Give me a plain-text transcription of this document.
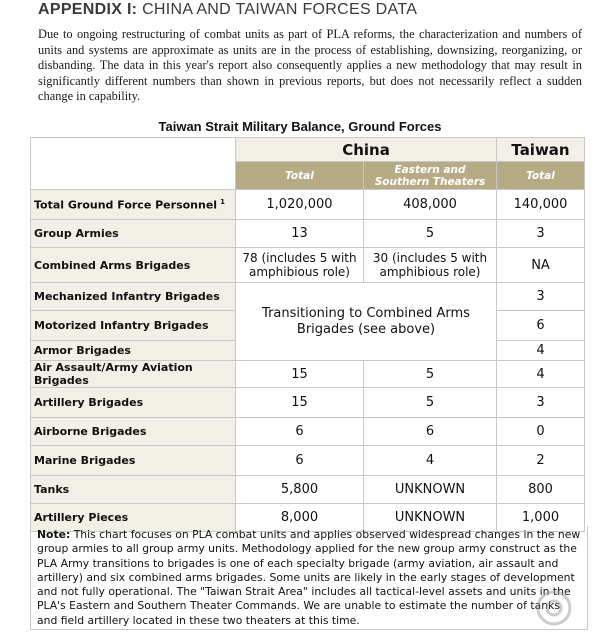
APPENDIX I: CHINA AND TAIWAN FORCES DATA

Due to ongoing restructuring of combat units as part of PLA reforms, the characterization and numbers of units and systems are approximate as units are in the process of establishing, downsizing, reorganizing, or disbanding. The data in this year's report also consequently applies a new methodology that may result in significantly different numbers than shown in previous reports, but does not necessarily reflect a sudden change in capability.

Taiwan Strait Military Balance, Ground Forces
	China		Taiwan
	Total	Eastern and Southern Theaters	Total
Total Ground Force Personnel $^1$	1,020,000	408,000	140,000
Group Armies	13	5	3
Combined Arms Brigades	78 (includes 5 with amphibious role)	30 (includes 5 with amphibious role)	NA
Mechanized Infantry Brigades	Transitioning to Combined Arms Brigades (see above)		3
Motorized Infantry Brigades			6
Armor Brigades			4
Air Assault/Army Aviation Brigades	15	5	4
Artillery Brigades	15	5	3
Airborne Brigades	6	6	0
Marine Brigades	6	4	2
Tanks	5,800	UNKNOWN	800
Artillery Pieces	8,000	UNKNOWN	1,000
Note: This chart focuses on PLA combat units and applies observed widespread changes in the new group armies to all group army units. Methodology applied for the new group army construct as the PLA Army transitions to brigades is one of each specialty brigade (army aviation, air assault and artillery) and six combined arms brigades. Some units are likely in the early stages of development and not fully operational. The "Taiwan Strait Area" includes all tactical-level assets and units in the PLA's Eastern and Southern Theater Commands. We are unable to estimate the number of tanks and field artillery located in these two theaters at this time.
